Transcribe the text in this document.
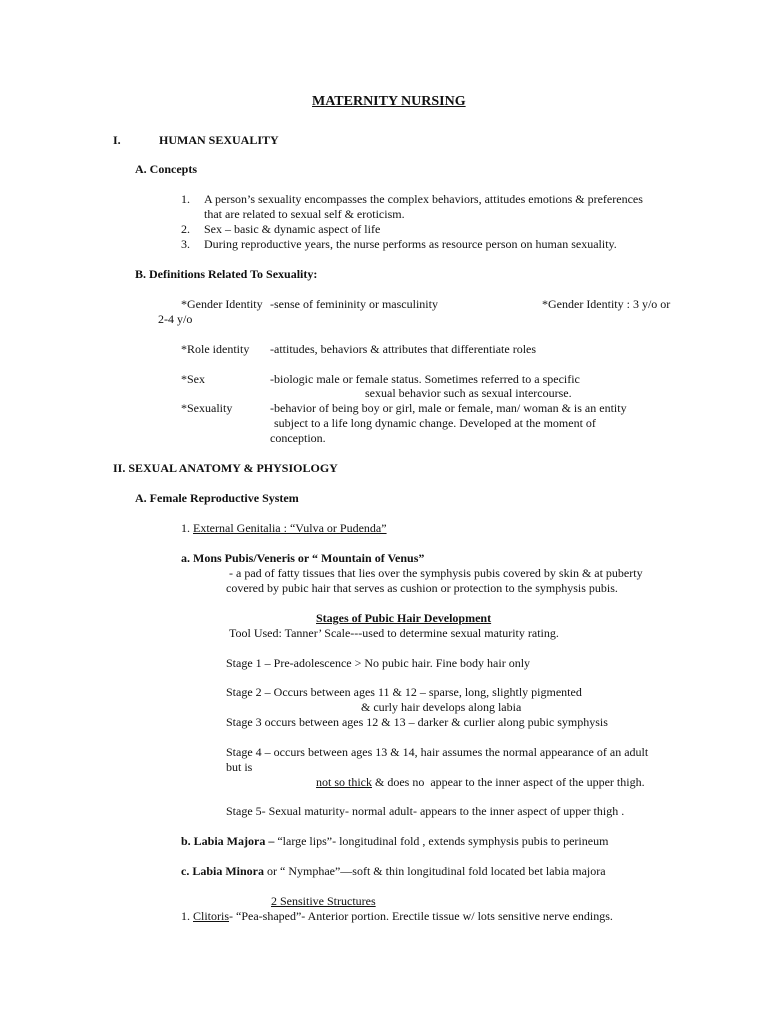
MATERNITY NURSING
I.	HUMAN SEXUALITY
A. Concepts
1. A person’s sexuality encompasses the complex behaviors, attitudes emotions & preferences
that are related to sexual self & eroticism.
2. Sex – basic & dynamic aspect of life
3. During reproductive years, the nurse performs as resource person on human sexuality.
B. Definitions Related To Sexuality:
*Gender Identity -sense of femininity or masculinity	*Gender Identity : 3 y/o or
2-4 y/o
*Role identity -attitudes, behaviors & attributes that differentiate roles
*Sex	-biologic male or female status. Sometimes referred to a specific
sexual behavior such as sexual intercourse.
*Sexuality	-behavior of being boy or girl, male or female, man/ woman & is an entity
subject to a life long dynamic change. Developed at the moment of
conception.
II. SEXUAL ANATOMY & PHYSIOLOGY
A. Female Reproductive System
1. External Genitalia : “Vulva or Pudenda”
a. Mons Pubis/Veneris or “ Mountain of Venus”
- a pad of fatty tissues that lies over the symphysis pubis covered by skin & at puberty
covered by pubic hair that serves as cushion or protection to the symphysis pubis.
Stages of Pubic Hair Development
Tool Used: Tanner’ Scale---used to determine sexual maturity rating.
Stage 1 – Pre-adolescence > No pubic hair. Fine body hair only
Stage 2 – Occurs between ages 11 & 12 – sparse, long, slightly pigmented
& curly hair develops along labia
Stage 3 occurs between ages 12 & 13 – darker & curlier along pubic symphysis
Stage 4 – occurs between ages 13 & 14, hair assumes the normal appearance of an adult
but is
not so thick & does no  appear to the inner aspect of the upper thigh.
Stage 5- Sexual maturity- normal adult- appears to the inner aspect of upper thigh .
b. Labia Majora – “large lips”- longitudinal fold , extends symphysis pubis to perineum
c. Labia Minora or “ Nymphae”—soft & thin longitudinal fold located bet labia majora
2 Sensitive Structures
1. Clitoris- “Pea-shaped”- Anterior portion. Erectile tissue w/ lots sensitive nerve endings.
